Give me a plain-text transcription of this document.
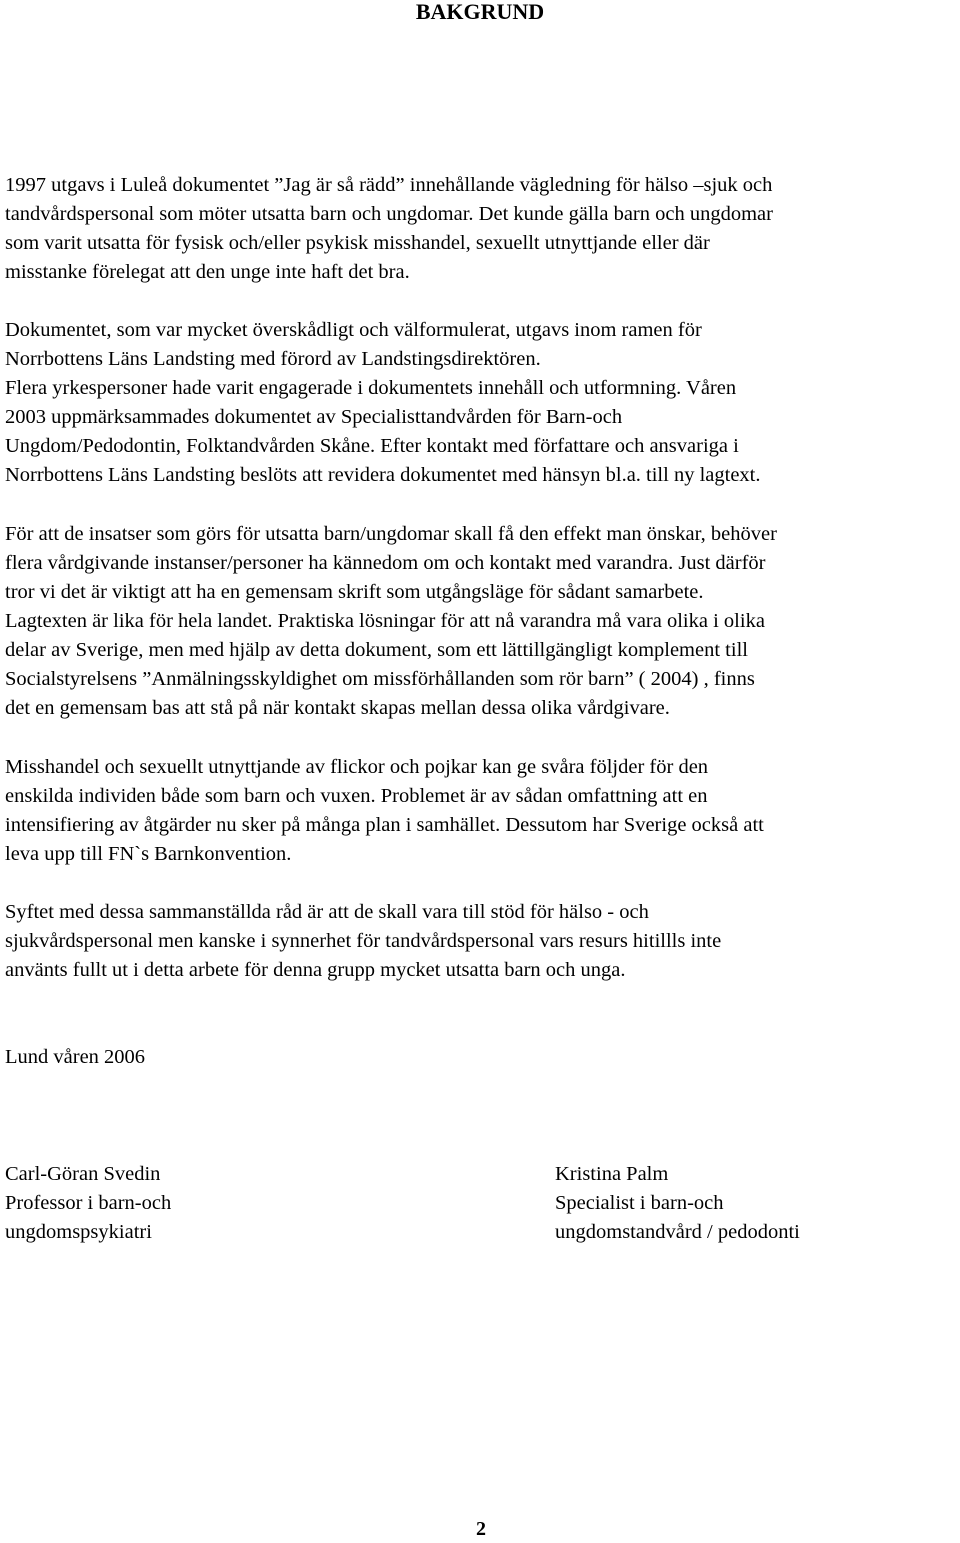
BAKGRUND
1997 utgavs i Luleå dokumentet ”Jag är så rädd” innehållande vägledning för hälso –sjuk och
tandvårdspersonal som möter utsatta barn och ungdomar. Det kunde gälla barn och ungdomar
som varit utsatta för fysisk och/eller psykisk misshandel, sexuellt utnyttjande eller där
misstanke förelegat att den unge inte haft det bra.
Dokumentet, som var mycket överskådligt och välformulerat, utgavs inom ramen för
Norrbottens Läns Landsting med förord av Landstingsdirektören.
Flera yrkespersoner hade varit engagerade i dokumentets innehåll och utformning. Våren
2003 uppmärksammades dokumentet av Specialisttandvården för Barn-och
Ungdom/Pedodontin, Folktandvården Skåne. Efter kontakt med författare och ansvariga i
Norrbottens Läns Landsting beslöts att revidera dokumentet med hänsyn bl.a. till ny lagtext.
För att de insatser som görs för utsatta barn/ungdomar skall få den effekt man önskar, behöver
flera vårdgivande instanser/personer ha kännedom om och kontakt med varandra. Just därför
tror vi det är viktigt att ha en gemensam skrift som utgångsläge för sådant samarbete.
Lagtexten är lika för hela landet. Praktiska lösningar för att nå varandra må vara olika i olika
delar av Sverige, men med hjälp av detta dokument, som ett lättillgängligt komplement till
Socialstyrelsens ”Anmälningsskyldighet om missförhållanden som rör barn” ( 2004) , finns
det en gemensam bas att stå på när kontakt skapas mellan dessa olika vårdgivare.
Misshandel och sexuellt utnyttjande av flickor och pojkar kan ge svåra följder för den
enskilda individen både som barn och vuxen. Problemet är av sådan omfattning att en
intensifiering av åtgärder nu sker på många plan i samhället. Dessutom har Sverige också att
leva upp till FN`s Barnkonvention.
Syftet med dessa sammanställda råd är att de skall vara till stöd för hälso - och
sjukvårdspersonal men kanske i synnerhet för tandvårdspersonal vars resurs hitillls inte
använts fullt ut i detta arbete för denna grupp mycket utsatta barn och unga.
Lund våren 2006
Carl-Göran Svedin
Professor i barn-och
ungdomspsykiatri
Kristina Palm
Specialist i barn-och
ungdomstandvård / pedodonti
2
